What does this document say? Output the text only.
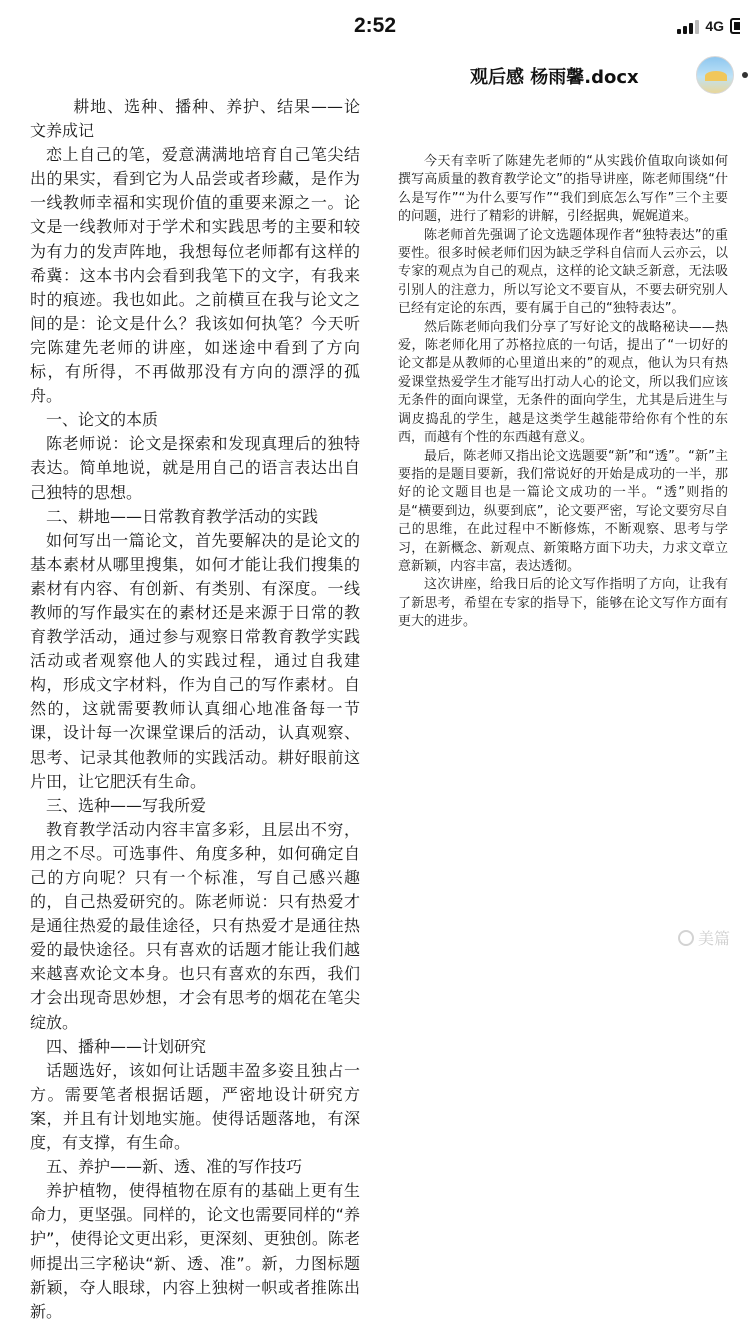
2:52	4G
观后感 杨雨馨.docx

耕地、选种、播种、养护、结果——论文养成记

恋上自己的笔，爱意满满地培育自己笔尖结出的果实，看到它为人品尝或者珍藏，是作为一线教师幸福和实现价值的重要来源之一。论文是一线教师对于学术和实践思考的主要和较为有力的发声阵地，我想每位老师都有这样的希冀：这本书内会看到我笔下的文字，有我来时的痕迹。我也如此。之前横亘在我与论文之间的是：论文是什么？我该如何执笔？今天听完陈建先老师的讲座，如迷途中看到了方向标，有所得，不再做那没有方向的漂浮的孤舟。

一、论文的本质

陈老师说：论文是探索和发现真理后的独特表达。简单地说，就是用自己的语言表达出自己独特的思想。

二、耕地——日常教育教学活动的实践

如何写出一篇论文，首先要解决的是论文的基本素材从哪里搜集，如何才能让我们搜集的素材有内容、有创新、有类别、有深度。一线教师的写作最实在的素材还是来源于日常的教育教学活动，通过参与观察日常教育教学实践活动或者观察他人的实践过程，通过自我建构，形成文字材料，作为自己的写作素材。自然的，这就需要教师认真细心地准备每一节课，设计每一次课堂课后的活动，认真观察、思考、记录其他教师的实践活动。耕好眼前这片田，让它肥沃有生命。

三、选种——写我所爱

教育教学活动内容丰富多彩，且层出不穷，用之不尽。可选事件、角度多种，如何确定自己的方向呢？只有一个标准，写自己感兴趣的，自己热爱研究的。陈老师说：只有热爱才是通往热爱的最佳途径，只有热爱才是通往热爱的最快途径。只有喜欢的话题才能让我们越来越喜欢论文本身。也只有喜欢的东西，我们才会出现奇思妙想，才会有思考的烟花在笔尖 绽放。

四、播种——计划研究

话题选好，该如何让话题丰盈多姿且独占一方。需要笔者根据话题，严密地设计研究方案，并且有计划地实施。使得话题落地，有深度，有支撑，有生命。

五、养护——新、透、准的写作技巧

养护植物，使得植物在原有的基础上更有生命力，更坚强。同样的，论文也需要同样的“养护”，使得论文更出彩，更深刻、更独创。陈老师提出三字秘诀“新、透、准”。新，力图标题新颖，夺人眼球，内容上独树一帜或者推陈出新。

今天有幸听了陈建先老师的“从实践价值取向谈如何撰写高质量的教育教学论文”的指导讲座，陈老师围绕“什么是写作”“为什么要写作”“我们到底怎么写作”三个主要的问题，进行了精彩的讲解，引经据典，娓娓道来。

陈老师首先强调了论文选题体现作者“独特表达”的重要性。很多时候老师们因为缺乏学科自信而人云亦云，以专家的观点为自己的观点，这样的论文缺乏新意，无法吸引别人的注意力，所以写论文不要盲从，不要去研究别人已经有定论的东西，要有属于自己的“独特表达”。

然后陈老师向我们分享了写好论文的战略秘诀——热爱，陈老师化用了苏格拉底的一句话，提出了“一切好的论文都是从教师的心里道出来的”的观点，他认为只有热爱课堂热爱学生才能写出打动人心的论文，所以我们应该无条件的面向课堂，无条件的面向学生，尤其是后进生与调皮捣乱的学生，越是这类学生越能带给你有个性的东西，而越有个性的东西越有意义。

最后，陈老师又指出论文选题要“新”和“透”。“新”主要指的是题目要新，我们常说好的开始是成功的一半，那好的论文题目也是一篇论文成功的一半。“透”则指的是“横要到边，纵要到底”，论文要严密，写论文要穷尽自己的思维，在此过程中不断修炼，不断观察、思考与学习，在新概念、新观点、新策略方面下功夫，力求文章立意新颖，内容丰富，表达透彻。

这次讲座，给我日后的论文写作指明了方向，让我有了新思考，希望在专家的指导下，能够在论文写作方面有更大的进步。

美篇
